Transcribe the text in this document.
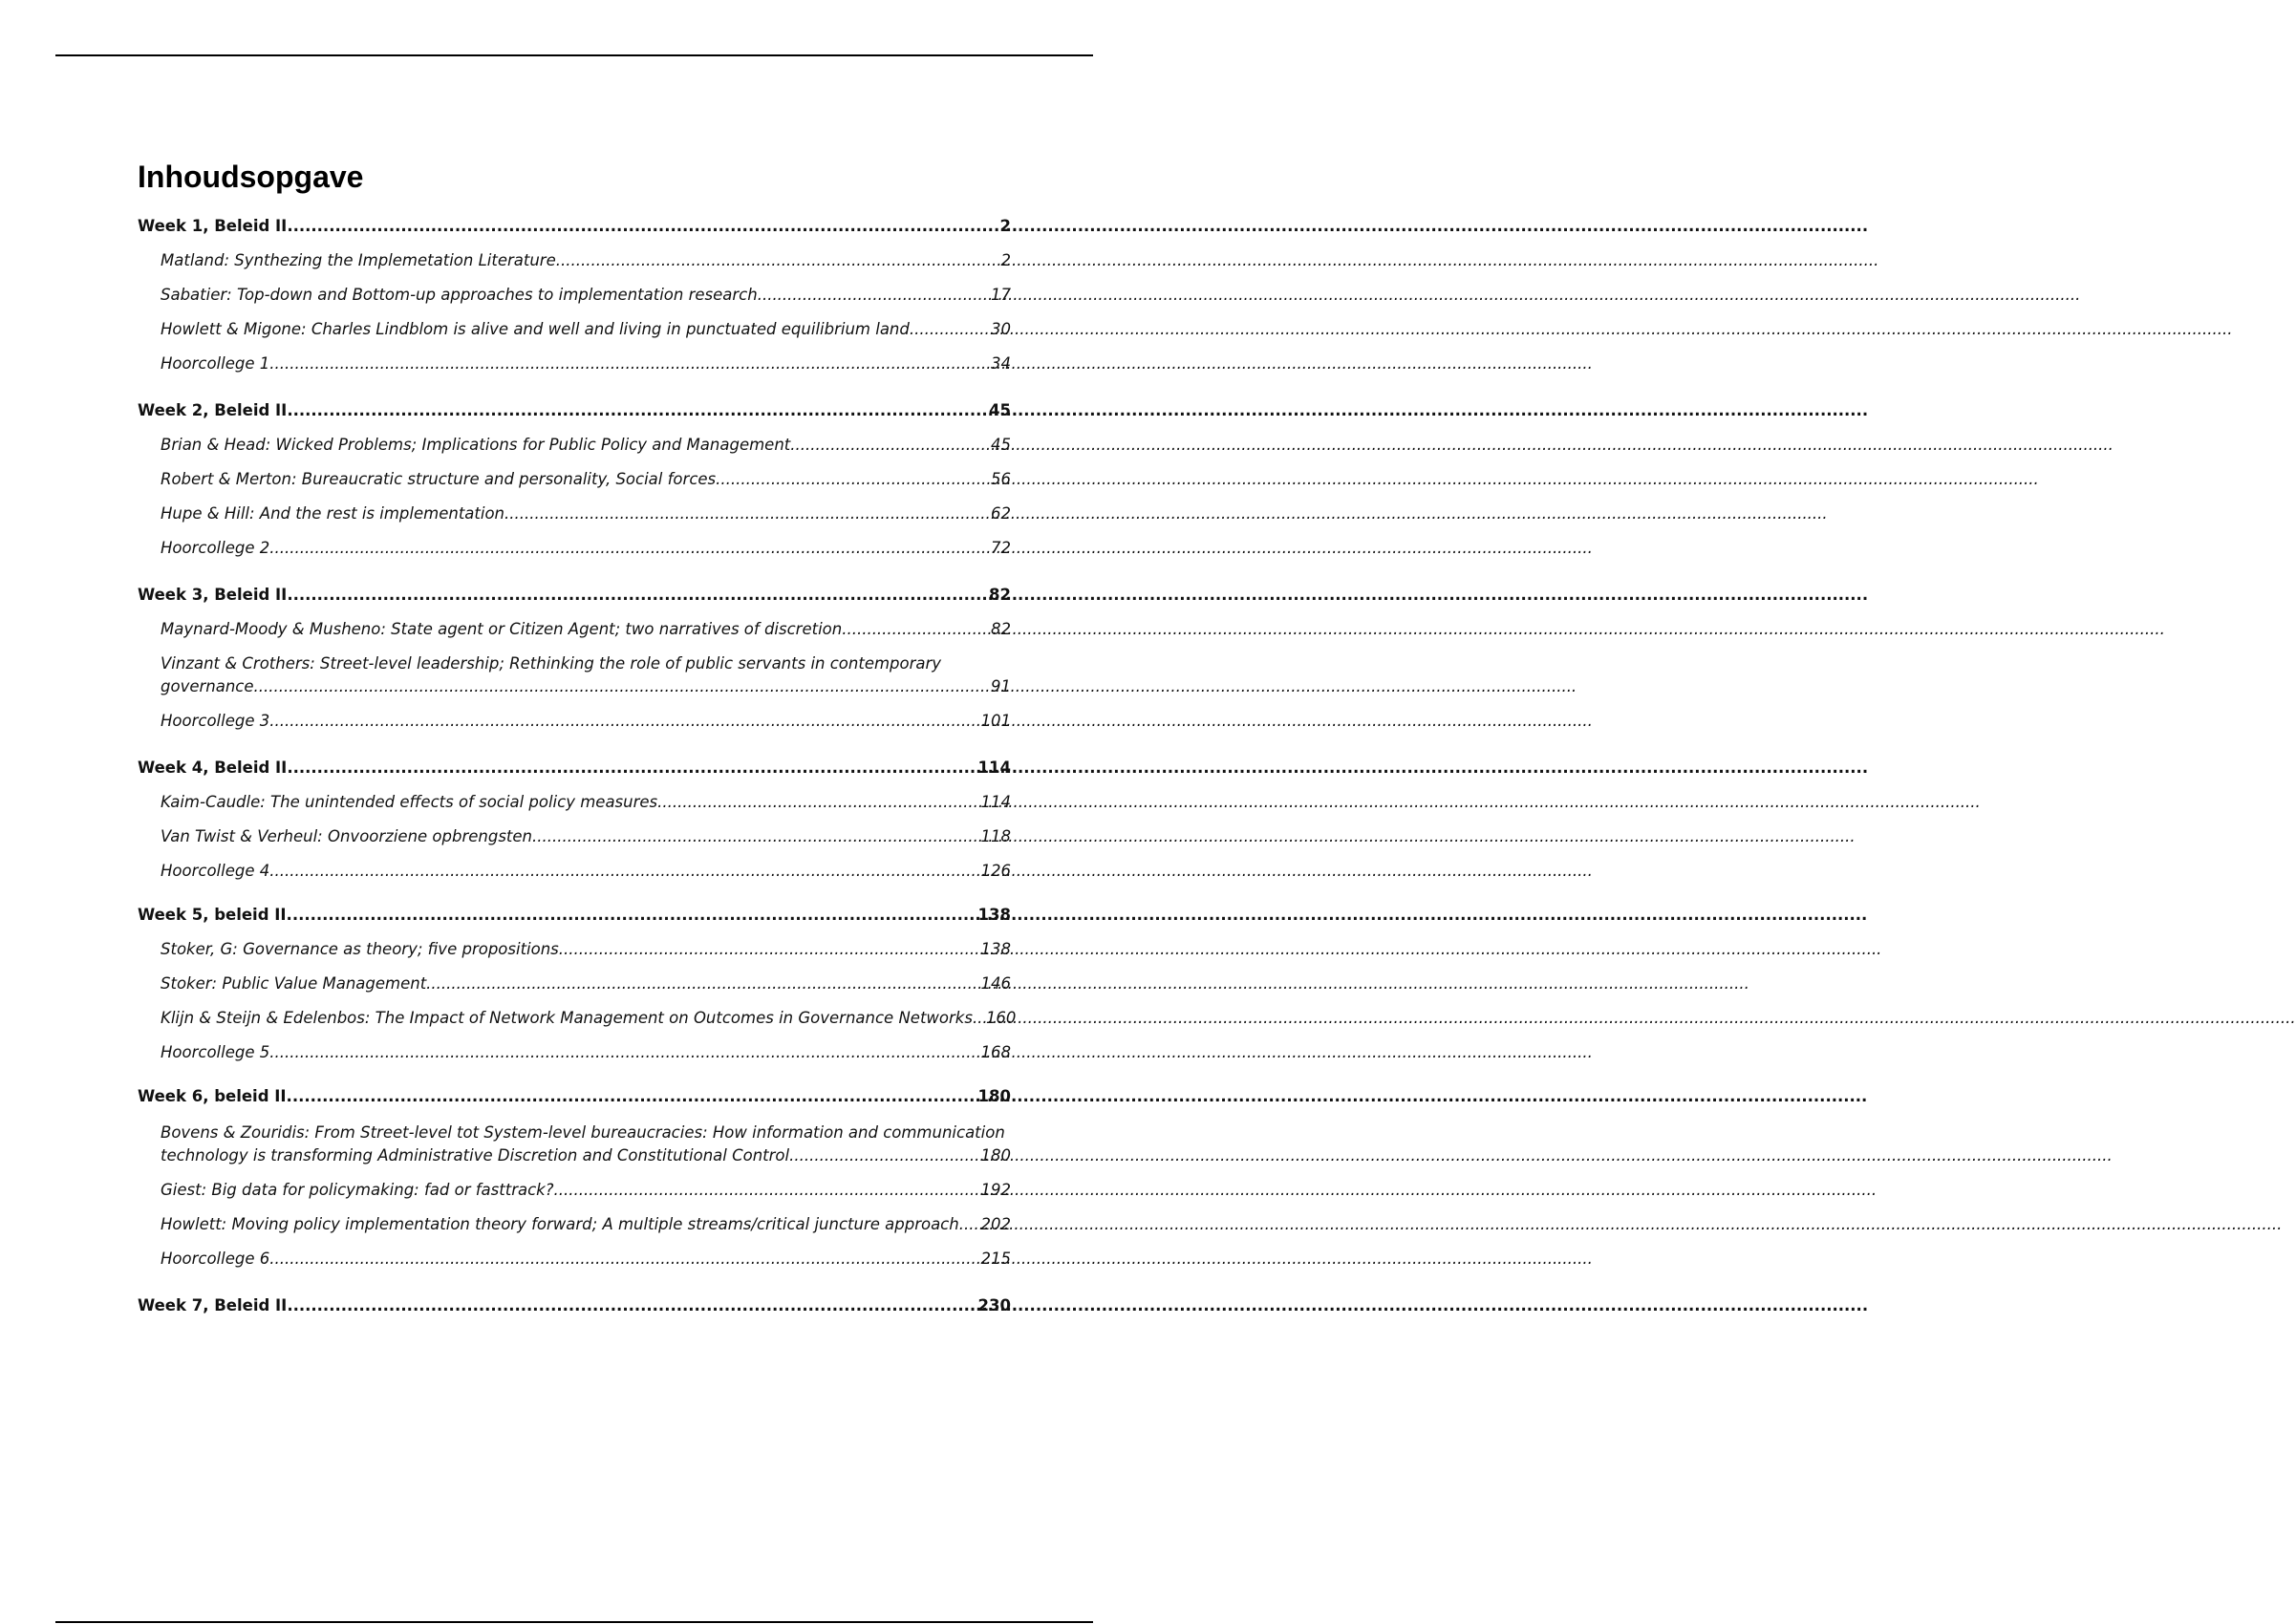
Inhoudsopgave
Week 1, Beleid II .....	2
Matland: Synthezing the Implemetation Literature .....	2
Sabatier: Top-down and Bottom-up approaches to implementation research .....	17
Howlett & Migone: Charles Lindblom is alive and well and living in punctuated equilibrium land .....	30
Hoorcollege 1 .....	34
Week 2, Beleid II .....	45
Brian & Head: Wicked Problems; Implications for Public Policy and Management .....	45
Robert & Merton: Bureaucratic structure and personality, Social forces .....	56
Hupe & Hill: And the rest is implementation .....	62
Hoorcollege 2 .....	72
Week 3, Beleid II .....	82
Maynard-Moody & Musheno: State agent or Citizen Agent; two narratives of discretion .....	82
Vinzant & Crothers: Street-level leadership; Rethinking the role of public servants in contemporary
governance .....	91
Hoorcollege 3 .....	101
Week 4, Beleid II .....	114
Kaim-Caudle: The unintended effects of social policy measures .....	114
Van Twist & Verheul: Onvoorziene opbrengsten .....	118
Hoorcollege 4 .....	126
Week 5, beleid II .....	138
Stoker, G: Governance as theory; five propositions .....	138
Stoker: Public Value Management .....	146
Klijn & Steijn & Edelenbos: The Impact of Network Management on Outcomes in Governance Networks ..... 160
Hoorcollege 5 .....	168
Week 6, beleid II .....	180
Bovens & Zouridis: From Street-level tot System-level bureaucracies: How information and communication
technology is transforming Administrative Discretion and Constitutional Control .....	180
Giest: Big data for policymaking: fad or fasttrack? .....	192
Howlett: Moving policy implementation theory forward; A multiple streams/critical juncture approach ..... 202
Hoorcollege 6 .....	215
Week 7, Beleid II .....	230
